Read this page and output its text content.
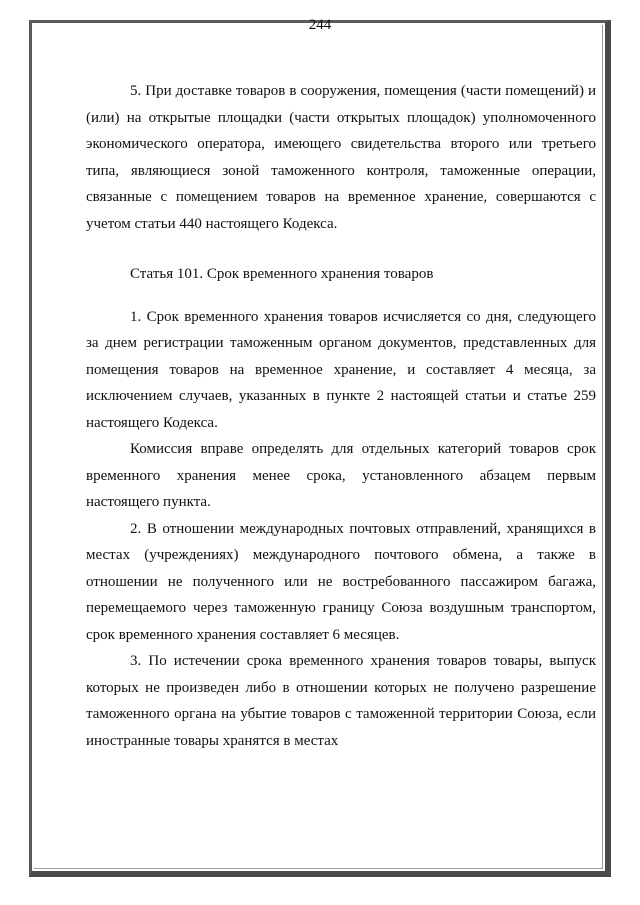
244

5. При доставке товаров в сооружения, помещения (части помещений) и (или) на открытые площадки (части открытых площадок) уполномоченного экономического оператора, имеющего свидетельства второго или третьего типа, являющиеся зоной таможенного контроля, таможенные операции, связанные с помещением товаров на временное хранение, совершаются с учетом статьи 440 настоящего Кодекса.

Статья 101. Срок временного хранения товаров

1. Срок временного хранения товаров исчисляется со дня, следующего за днем регистрации таможенным органом документов, представленных для помещения товаров на временное хранение, и составляет 4 месяца, за исключением случаев, указанных в пункте 2 настоящей статьи и статье 259 настоящего Кодекса.

Комиссия вправе определять для отдельных категорий товаров срок временного хранения менее срока, установленного абзацем первым настоящего пункта.

2. В отношении международных почтовых отправлений, хранящихся в местах (учреждениях) международного почтового обмена, а также в отношении не полученного или не востребованного пассажиром багажа, перемещаемого через таможенную границу Союза воздушным транспортом, срок временного хранения составляет 6 месяцев.

3. По истечении срока временного хранения товаров товары, выпуск которых не произведен либо в отношении которых не получено разрешение таможенного органа на убытие товаров с таможенной территории Союза, если иностранные товары хранятся в местах
